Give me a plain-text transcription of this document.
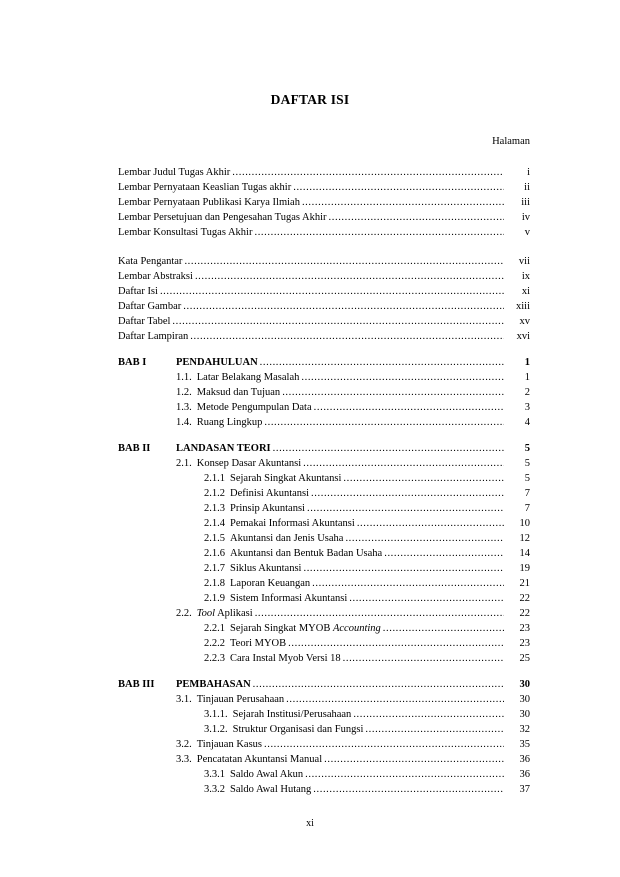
DAFTAR ISI
Halaman
Lembar Judul Tugas Akhir .....	i
Lembar Pernyataan Keaslian Tugas akhir .....	ii
Lembar Pernyataan Publikasi Karya Ilmiah .....	iii
Lembar Persetujuan dan Pengesahan Tugas Akhir .....	iv
Lembar Konsultasi Tugas Akhir .....	v
Kata Pengantar .....	vii
Lembar Abstraksi .....	ix
Daftar Isi .....	xi
Daftar Gambar .....	xiii
Daftar Tabel .....	xv
Daftar Lampiran .....	xvi
BAB I	PENDAHULUAN .....	1
1.1. Latar Belakang Masalah .....	1
1.2. Maksud dan Tujuan .....	2
1.3. Metode Pengumpulan Data .....	3
1.4. Ruang Lingkup .....	4
BAB II	LANDASAN TEORI .....	5
2.1. Konsep Dasar Akuntansi .....	5
2.1.1 Sejarah Singkat Akuntansi .....	5
2.1.2 Definisi Akuntansi .....	7
2.1.3 Prinsip Akuntansi .....	7
2.1.4 Pemakai Informasi Akuntansi .....	10
2.1.5 Akuntansi dan Jenis Usaha .....	12
2.1.6 Akuntansi dan Bentuk Badan Usaha .....	14
2.1.7 Siklus Akuntansi .....	19
2.1.8 Laporan Keuangan .....	21
2.1.9 Sistem Informasi Akuntansi .....	22
2.2. Tool Aplikasi .....	22
2.2.1 Sejarah Singkat MYOB Accounting .....	23
2.2.2 Teori MYOB .....	23
2.2.3 Cara Instal Myob Versi 18 .....	25
BAB III	PEMBAHASAN .....	30
3.1. Tinjauan Perusahaan .....	30
3.1.1. Sejarah Institusi/Perusahaan .....	30
3.1.2. Struktur Organisasi dan Fungsi .....	32
3.2. Tinjauan Kasus .....	35
3.3. Pencatatan Akuntansi Manual .....	36
3.3.1 Saldo Awal Akun .....	36
3.3.2 Saldo Awal Hutang .....	37
xi
